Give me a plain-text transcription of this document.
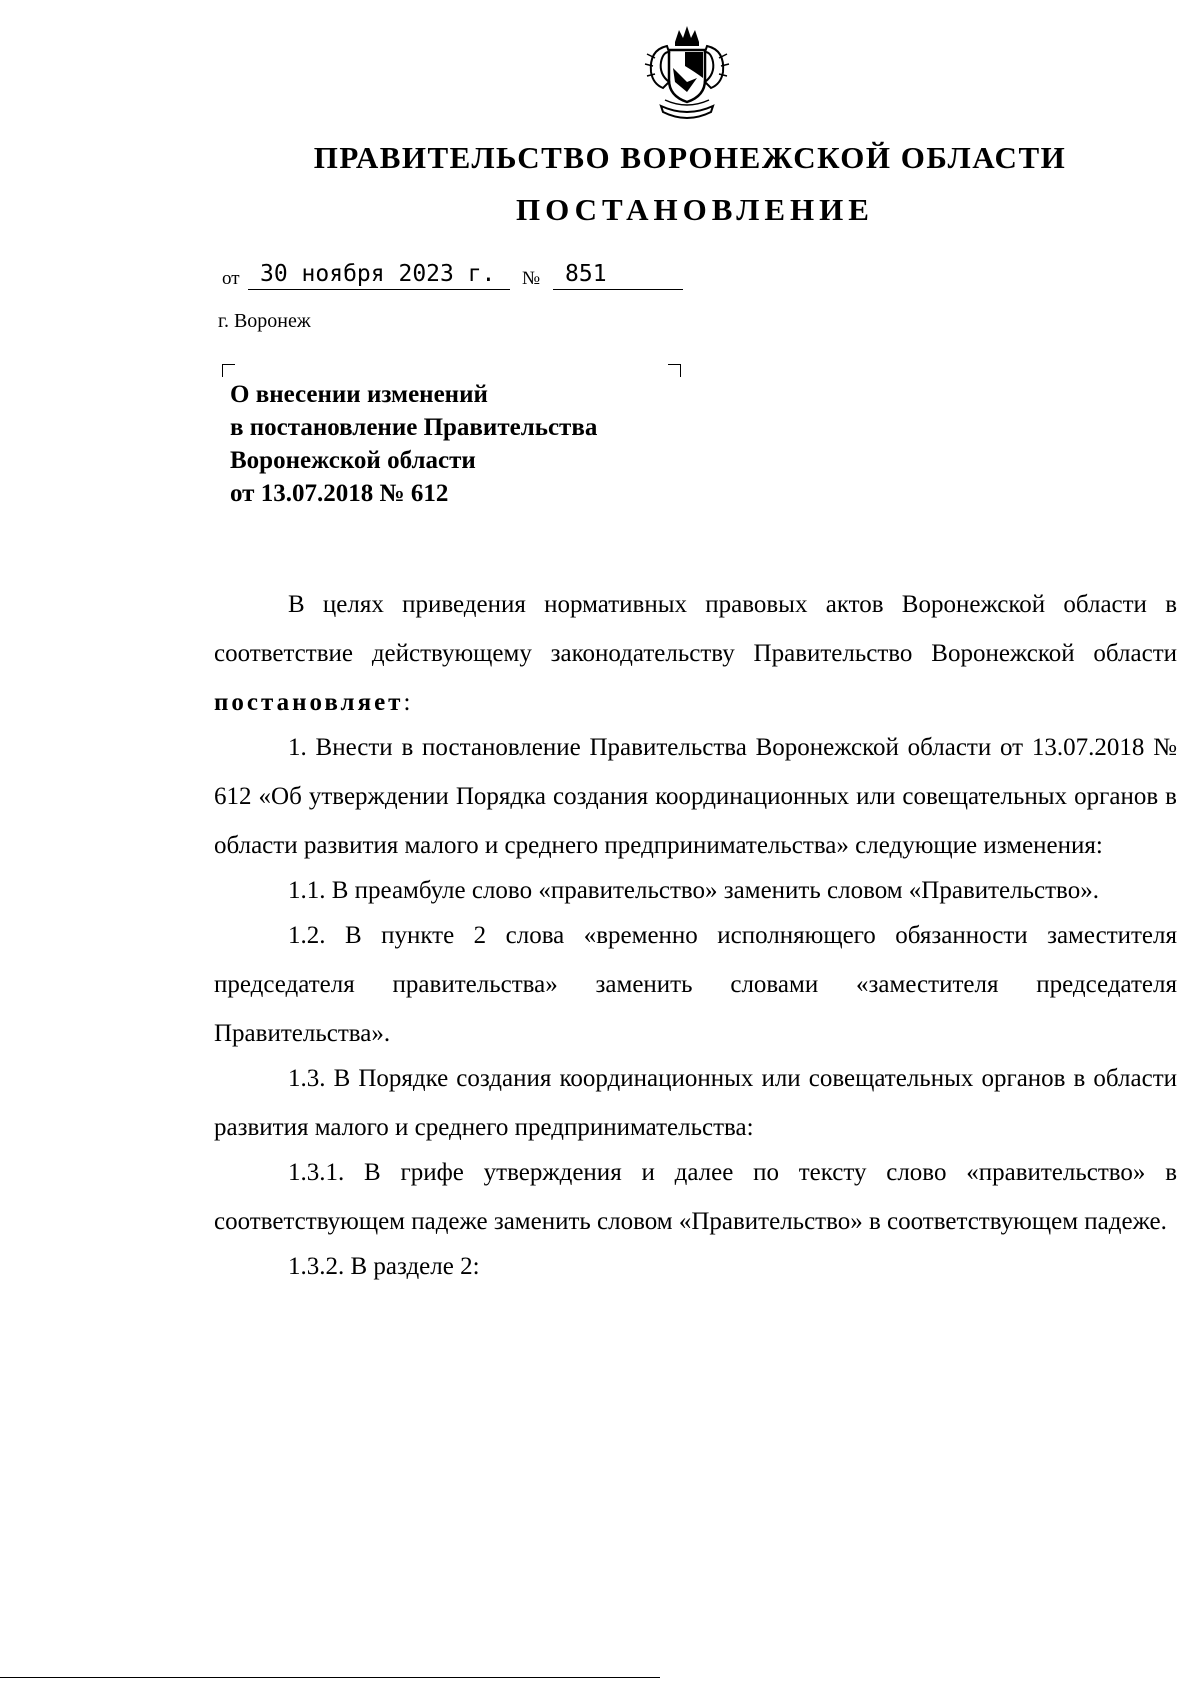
ПРАВИТЕЛЬСТВО ВОРОНЕЖСКОЙ ОБЛАСТИ
ПОСТАНОВЛЕНИЕ
от 30 ноября 2023 г.	№	851
г. Воронеж
О внесении изменений
в постановление Правительства
Воронежской области
от 13.07.2018 № 612

В целях приведения нормативных правовых актов Воронежской области в соответствие действующему законодательству Правительство Воронежской области постановляет:

1. Внести в постановление Правительства Воронежской области от 13.07.2018 № 612 «Об утверждении Порядка создания координационных или совещательных органов в области развития малого и среднего предпринимательства» следующие изменения:

1.1. В преамбуле слово «правительство» заменить словом «Правительство».

1.2. В пункте 2 слова «временно исполняющего обязанности заместителя председателя правительства» заменить словами «заместителя председателя Правительства».

1.3. В Порядке создания координационных или совещательных органов в области развития малого и среднего предпринимательства:

1.3.1. В грифе утверждения и далее по тексту слово «правительство» в соответствующем падеже заменить словом «Правительство» в соответствующем падеже.

1.3.2. В разделе 2:
